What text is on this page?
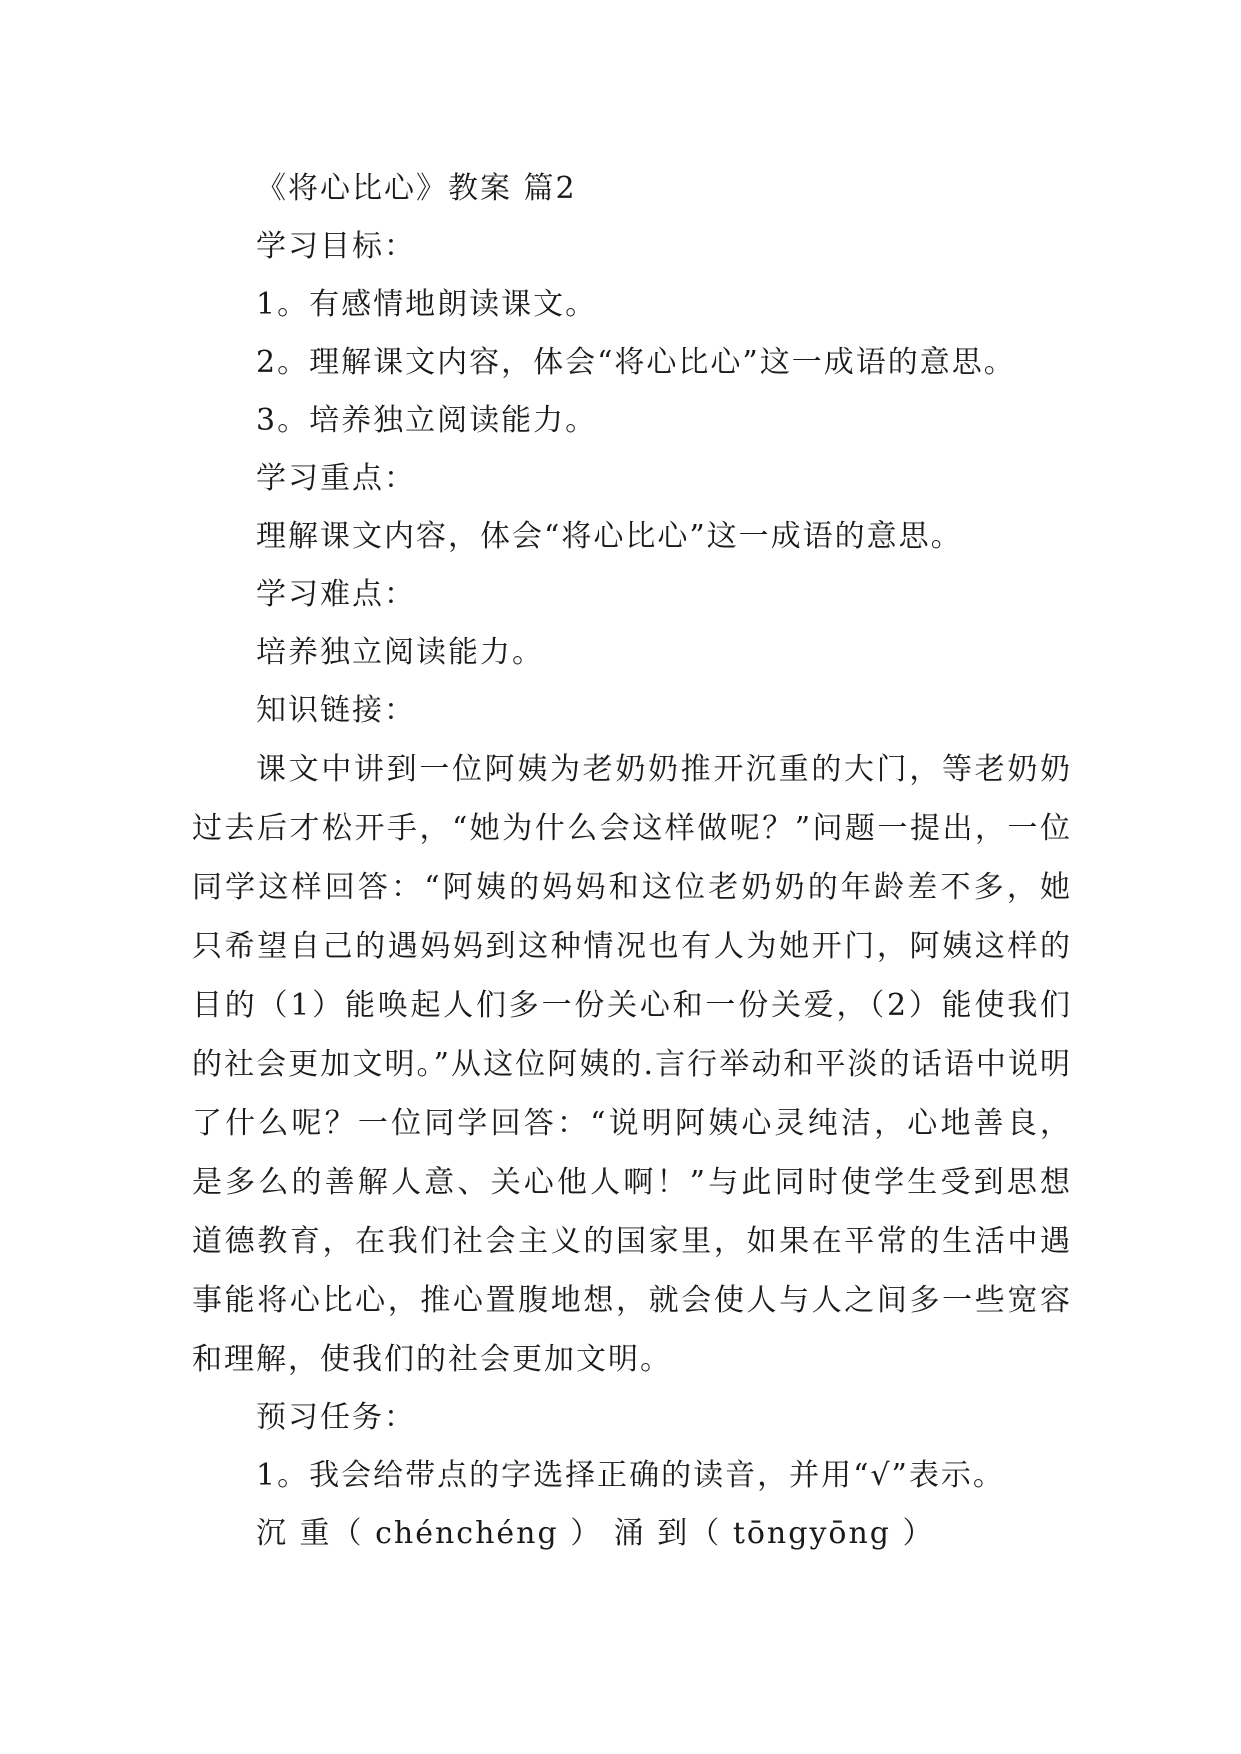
《将心比心》教案 篇2
学习目标：
1。有感情地朗读课文。
2。理解课文内容，体会“将心比心”这一成语的意思。
3。培养独立阅读能力。
学习重点：
理解课文内容，体会“将心比心”这一成语的意思。
学习难点：
培养独立阅读能力。
知识链接：

课文中讲到一位阿姨为老奶奶推开沉重的大门，等老奶奶过去后才松开手，“她为什么会这样做呢？”问题一提出，一位同学这样回答：“阿姨的妈妈和这位老奶奶的年龄差不多，她只希望自己的遇妈妈到这种情况也有人为她开门，阿姨这样的目的（1）能唤起人们多一份关心和一份关爱，（2）能使我们的社会更加文明。”从这位阿姨的.言行举动和平淡的话语中说明了什么呢？一位同学回答：“说明阿姨心灵纯洁，心地善良，是多么的善解人意、关心他人啊！”与此同时使学生受到思想道德教育，在我们社会主义的国家里，如果在平常的生活中遇事能将心比心，推心置腹地想，就会使人与人之间多一些宽容和理解，使我们的社会更加文明。

预习任务：
1。我会给带点的字选择正确的读音，并用“√”表示。
沉 重（ chénchéng ） 涌 到（ tōngyōng ）
